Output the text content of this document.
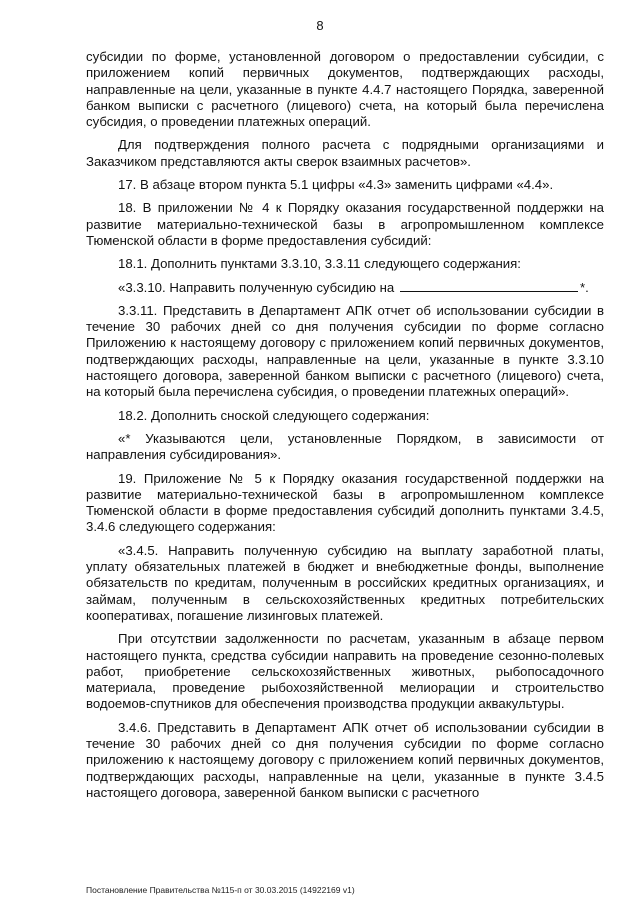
8

субсидии по форме, установленной договором о предоставлении субсидии, с приложением копий первичных документов, подтверждающих расходы, направленные на цели, указанные в пункте 4.4.7 настоящего Порядка, заверенной банком выписки с расчетного (лицевого) счета, на который была перечислена субсидия, о проведении платежных операций.

Для подтверждения полного расчета с подрядными организациями и Заказчиком представляются акты сверок взаимных расчетов».

17. В абзаце втором пункта 5.1 цифры «4.3» заменить цифрами «4.4».

18. В приложении № 4 к Порядку оказания государственной поддержки на развитие материально-технической базы в агропромышленном комплексе Тюменской области в форме предоставления субсидий:

18.1. Дополнить пунктами 3.3.10, 3.3.11 следующего содержания:

«3.3.10. Направить полученную субсидию на	*.

3.3.11. Представить в Департамент АПК отчет об использовании субсидии в течение 30 рабочих дней со дня получения субсидии по форме согласно Приложению к настоящему договору с приложением копий первичных документов, подтверждающих расходы, направленные на цели, указанные в пункте 3.3.10 настоящего договора, заверенной банком выписки с расчетного (лицевого) счета, на который была перечислена субсидия, о проведении платежных операций».

18.2. Дополнить сноской следующего содержания:

«* Указываются цели, установленные Порядком, в зависимости от направления субсидирования».

19. Приложение № 5 к Порядку оказания государственной поддержки на развитие материально-технической базы в агропромышленном комплексе Тюменской области в форме предоставления субсидий дополнить пунктами 3.4.5, 3.4.6 следующего содержания:

«3.4.5. Направить полученную субсидию на выплату заработной платы, уплату обязательных платежей в бюджет и внебюджетные фонды, выполнение обязательств по кредитам, полученным в российских кредитных организациях, и займам, полученным в сельскохозяйственных кредитных потребительских кооперативах, погашение лизинговых платежей.

При отсутствии задолженности по расчетам, указанным в абзаце первом настоящего пункта, средства субсидии направить на проведение сезонно-полевых работ, приобретение сельскохозяйственных животных, рыбопосадочного материала, проведение рыбохозяйственной мелиорации и строительство водоемов-спутников для обеспечения производства продукции аквакультуры.

3.4.6. Представить в Департамент АПК отчет об использовании субсидии в течение 30 рабочих дней со дня получения субсидии по форме согласно приложению к настоящему договору с приложением копий первичных документов, подтверждающих расходы, направленные на цели, указанные в пункте 3.4.5 настоящего договора, заверенной банком выписки с расчетного

Постановление Правительства №115-п от 30.03.2015 (14922169 v1)
